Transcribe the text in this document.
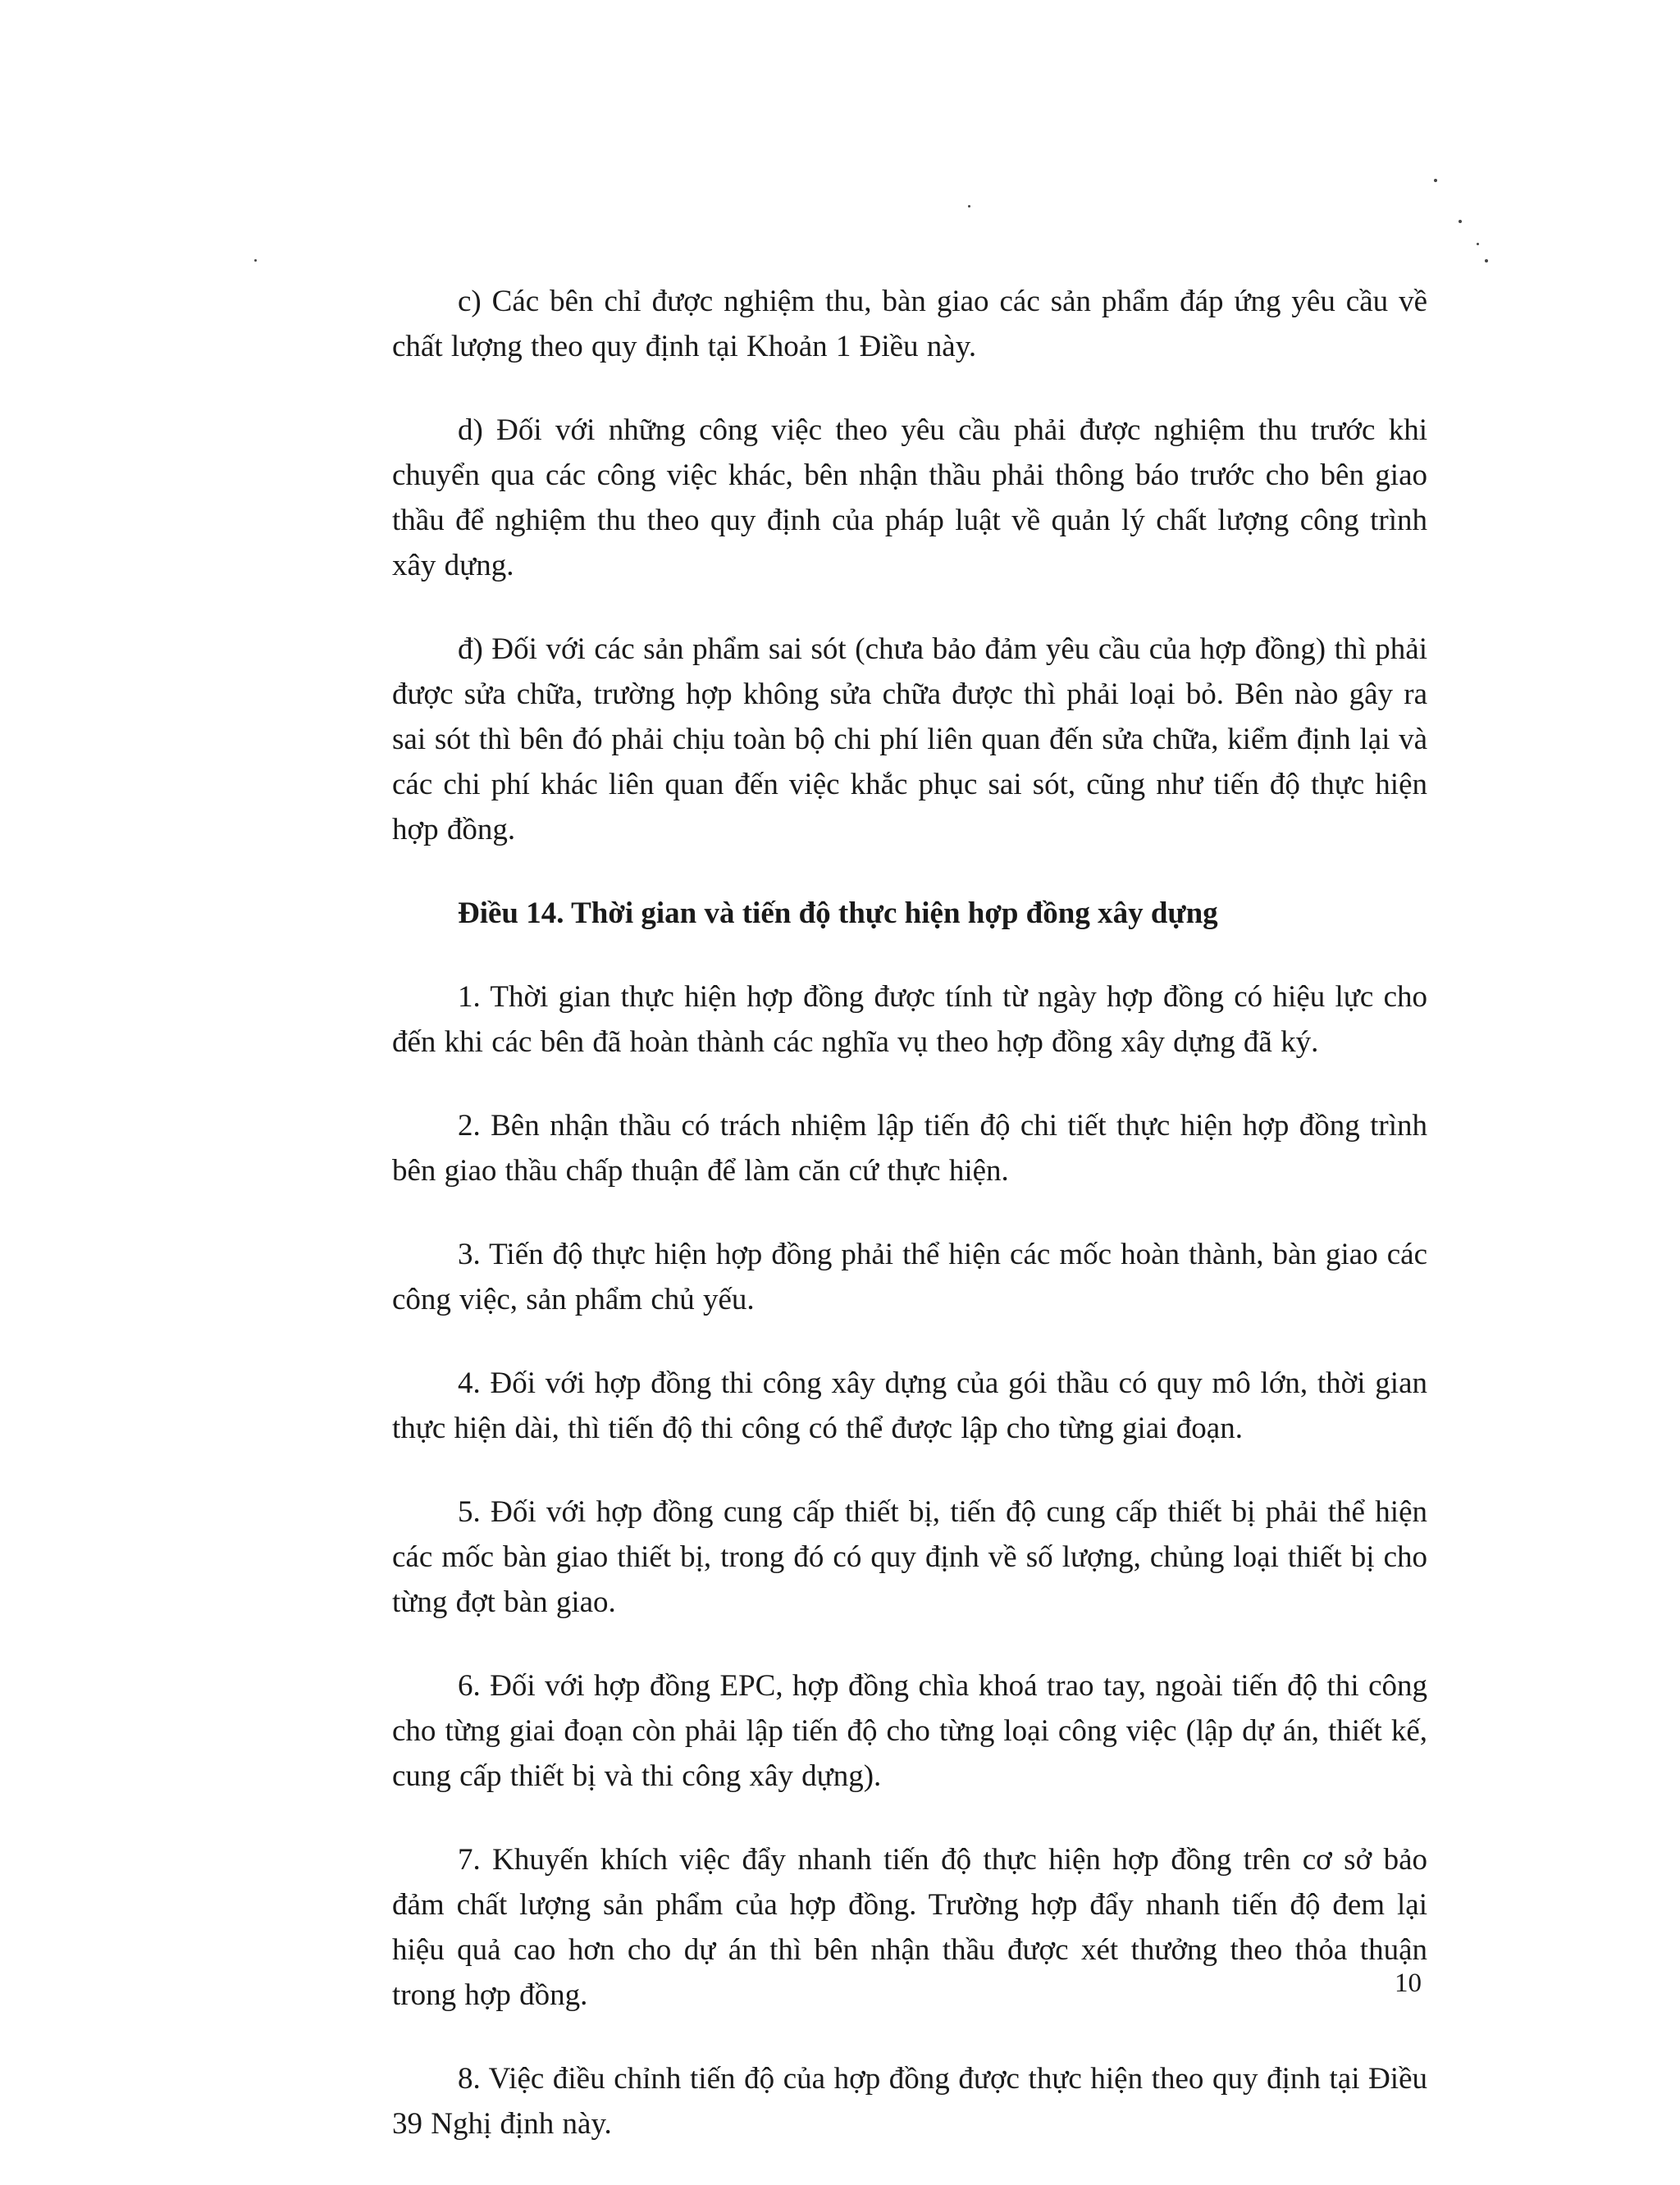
c) Các bên chỉ được nghiệm thu, bàn giao các sản phẩm đáp ứng yêu cầu về chất lượng theo quy định tại Khoản 1 Điều này.

d) Đối với những công việc theo yêu cầu phải được nghiệm thu trước khi chuyển qua các công việc khác, bên nhận thầu phải thông báo trước cho bên giao thầu để nghiệm thu theo quy định của pháp luật về quản lý chất lượng công trình xây dựng.

đ) Đối với các sản phẩm sai sót (chưa bảo đảm yêu cầu của hợp đồng) thì phải được sửa chữa, trường hợp không sửa chữa được thì phải loại bỏ. Bên nào gây ra sai sót thì bên đó phải chịu toàn bộ chi phí liên quan đến sửa chữa, kiểm định lại và các chi phí khác liên quan đến việc khắc phục sai sót, cũng như tiến độ thực hiện hợp đồng.

Điều 14. Thời gian và tiến độ thực hiện hợp đồng xây dựng

1. Thời gian thực hiện hợp đồng được tính từ ngày hợp đồng có hiệu lực cho đến khi các bên đã hoàn thành các nghĩa vụ theo hợp đồng xây dựng đã ký.

2. Bên nhận thầu có trách nhiệm lập tiến độ chi tiết thực hiện hợp đồng trình bên giao thầu chấp thuận để làm căn cứ thực hiện.

3. Tiến độ thực hiện hợp đồng phải thể hiện các mốc hoàn thành, bàn giao các công việc, sản phẩm chủ yếu.

4. Đối với hợp đồng thi công xây dựng của gói thầu có quy mô lớn, thời gian thực hiện dài, thì tiến độ thi công có thể được lập cho từng giai đoạn.

5. Đối với hợp đồng cung cấp thiết bị, tiến độ cung cấp thiết bị phải thể hiện các mốc bàn giao thiết bị, trong đó có quy định về số lượng, chủng loại thiết bị cho từng đợt bàn giao.

6. Đối với hợp đồng EPC, hợp đồng chìa khoá trao tay, ngoài tiến độ thi công cho từng giai đoạn còn phải lập tiến độ cho từng loại công việc (lập dự án, thiết kế, cung cấp thiết bị và thi công xây dựng).

7. Khuyến khích việc đẩy nhanh tiến độ thực hiện hợp đồng trên cơ sở bảo đảm chất lượng sản phẩm của hợp đồng. Trường hợp đẩy nhanh tiến độ đem lại hiệu quả cao hơn cho dự án thì bên nhận thầu được xét thưởng theo thỏa thuận trong hợp đồng.

8. Việc điều chỉnh tiến độ của hợp đồng được thực hiện theo quy định tại Điều 39 Nghị định này.

10
